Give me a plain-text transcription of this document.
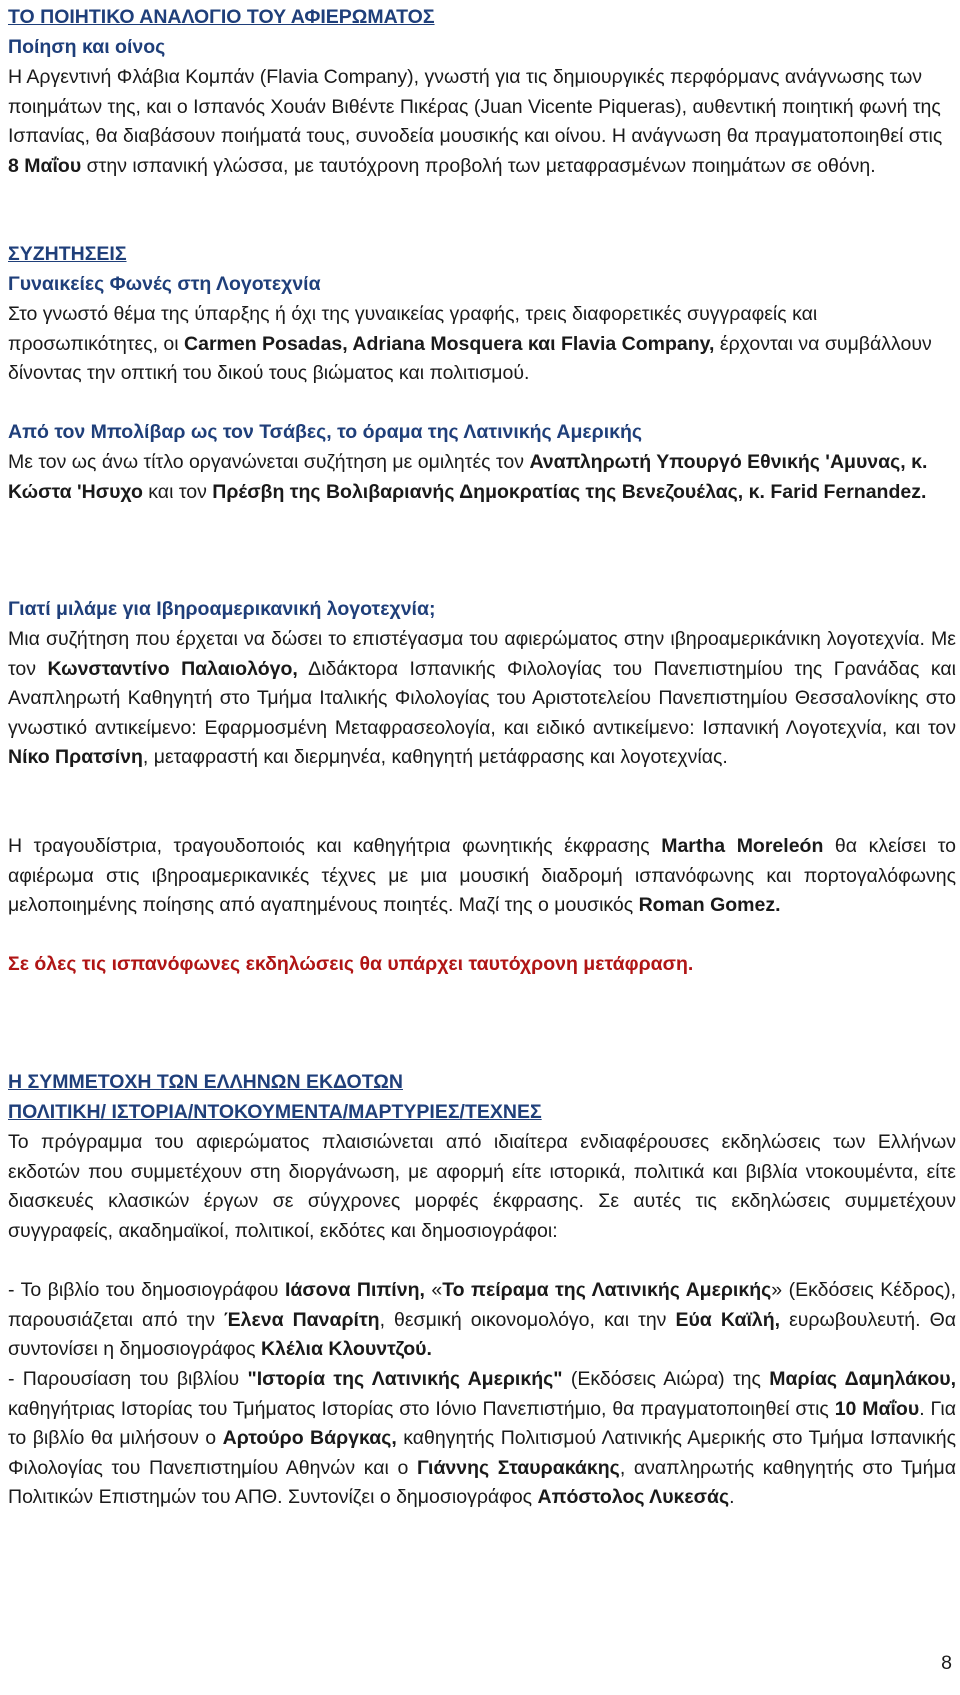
ΤΟ ΠΟΙΗΤΙΚΟ ΑΝΑΛΟΓΙΟ ΤΟΥ ΑΦΙΕΡΩΜΑΤΟΣ
Ποίηση και οίνος

Η Αργεντινή Φλάβια Κομπάν (Flavia Company), γνωστή για τις δημιουργικές περφόρμανς ανάγνωσης των ποιημάτων της, και ο Ισπανός Χουάν Βιθέντε Πικέρας (Juan Vicente Piqueras), αυθεντική ποιητική φωνή της Ισπανίας, θα διαβάσουν ποιήματά τους, συνοδεία μουσικής και οίνου. Η ανάγνωση θα πραγματοποιηθεί στις 8 Μαΐου στην ισπανική γλώσσα, με ταυτόχρονη προβολή των μεταφρασμένων ποιημάτων σε οθόνη.

ΣΥΖΗΤΗΣΕΙΣ
Γυναικείες Φωνές στη Λογοτεχνία

Στο γνωστό θέμα της ύπαρξης ή όχι της γυναικείας γραφής, τρεις διαφορετικές συγγραφείς και προσωπικότητες, οι Carmen Posadas, Adriana Mosquera και Flavia Company, έρχονται να συμβάλλουν δίνοντας την οπτική του δικού τους βιώματος και πολιτισμού.

Από τον Μπολίβαρ ως τον Τσάβες, το όραμα της Λατινικής Αμερικής

Με τον ως άνω τίτλο οργανώνεται συζήτηση με ομιλητές τον Αναπληρωτή Υπουργό Εθνικής 'Αμυνας, κ. Κώστα 'Ησυχο και τον Πρέσβη της Βολιβαριανής Δημοκρατίας της Βενεζουέλας, κ. Farid Fernandez.

Γιατί μιλάμε για Ιβηροαμερικανική λογοτεχνία;

Μια συζήτηση που έρχεται να δώσει το επιστέγασμα του αφιερώματος στην ιβηροαμερικάνικη λογοτεχνία. Με τον Κωνσταντίνο Παλαιολόγο, Διδάκτορα Ισπανικής Φιλολογίας του Πανεπιστημίου της Γρανάδας και Αναπληρωτή Καθηγητή στο Τμήμα Ιταλικής Φιλολογίας του Αριστοτελείου Πανεπιστημίου Θεσσαλονίκης στο γνωστικό αντικείμενο: Εφαρμοσμένη Μεταφρασεολογία, και ειδικό αντικείμενο: Ισπανική Λογοτεχνία, και τον Νίκο Πρατσίνη, μεταφραστή και διερμηνέα, καθηγητή μετάφρασης και λογοτεχνίας.

Η τραγουδίστρια, τραγουδοποιός και καθηγήτρια φωνητικής έκφρασης Martha Moreleón θα κλείσει το αφιέρωμα στις ιβηροαμερικανικές τέχνες με μια μουσική διαδρομή ισπανόφωνης και πορτογαλόφωνης μελοποιημένης ποίησης από αγαπημένους ποιητές. Μαζί της ο μουσικός Roman Gomez.

Σε όλες τις ισπανόφωνες εκδηλώσεις θα υπάρχει ταυτόχρονη μετάφραση.
Η ΣΥΜΜΕΤΟΧΗ ΤΩΝ ΕΛΛΗΝΩΝ ΕΚΔΟΤΩΝ
ΠΟΛΙΤΙΚΗ/ ΙΣΤΟΡΙΑ/ΝΤΟΚΟΥΜΕΝΤΑ/ΜΑΡΤΥΡΙΕΣ/ΤΕΧΝΕΣ

Το πρόγραμμα του αφιερώματος πλαισιώνεται από ιδιαίτερα ενδιαφέρουσες εκδηλώσεις των Ελλήνων εκδοτών που συμμετέχουν στη διοργάνωση, με αφορμή είτε ιστορικά, πολιτικά και βιβλία ντοκουμέντα, είτε διασκευές κλασικών έργων σε σύγχρονες μορφές έκφρασης. Σε αυτές τις εκδηλώσεις συμμετέχουν συγγραφείς, ακαδημαϊκοί, πολιτικοί, εκδότες και δημοσιογράφοι:

- Το βιβλίο του δημοσιογράφου Ιάσονα Πιπίνη, «Το πείραμα της Λατινικής Αμερικής» (Εκδόσεις Κέδρος), παρουσιάζεται από την Έλενα Παναρίτη, θεσμική οικονομολόγο, και την Εύα Καϊλή, ευρωβουλευτή. Θα συντονίσει η δημοσιογράφος Κλέλια Κλουντζού.

- Παρουσίαση του βιβλίου "Ιστορία της Λατινικής Αμερικής" (Εκδόσεις Αιώρα) της Μαρίας Δαμηλάκου, καθηγήτριας Ιστορίας του Τμήματος Ιστορίας στο Ιόνιο Πανεπιστήμιο, θα πραγματοποιηθεί στις 10 Μαΐου. Για το βιβλίο θα μιλήσουν ο Αρτούρο Βάργκας, καθηγητής Πολιτισμού Λατινικής Αμερικής στο Τμήμα Ισπανικής Φιλολογίας του Πανεπιστημίου Αθηνών και ο Γιάννης Σταυρακάκης, αναπληρωτής καθηγητής στο Τμήμα Πολιτικών Επιστημών του ΑΠΘ. Συντονίζει ο δημοσιογράφος Απόστολος Λυκεσάς.

8
